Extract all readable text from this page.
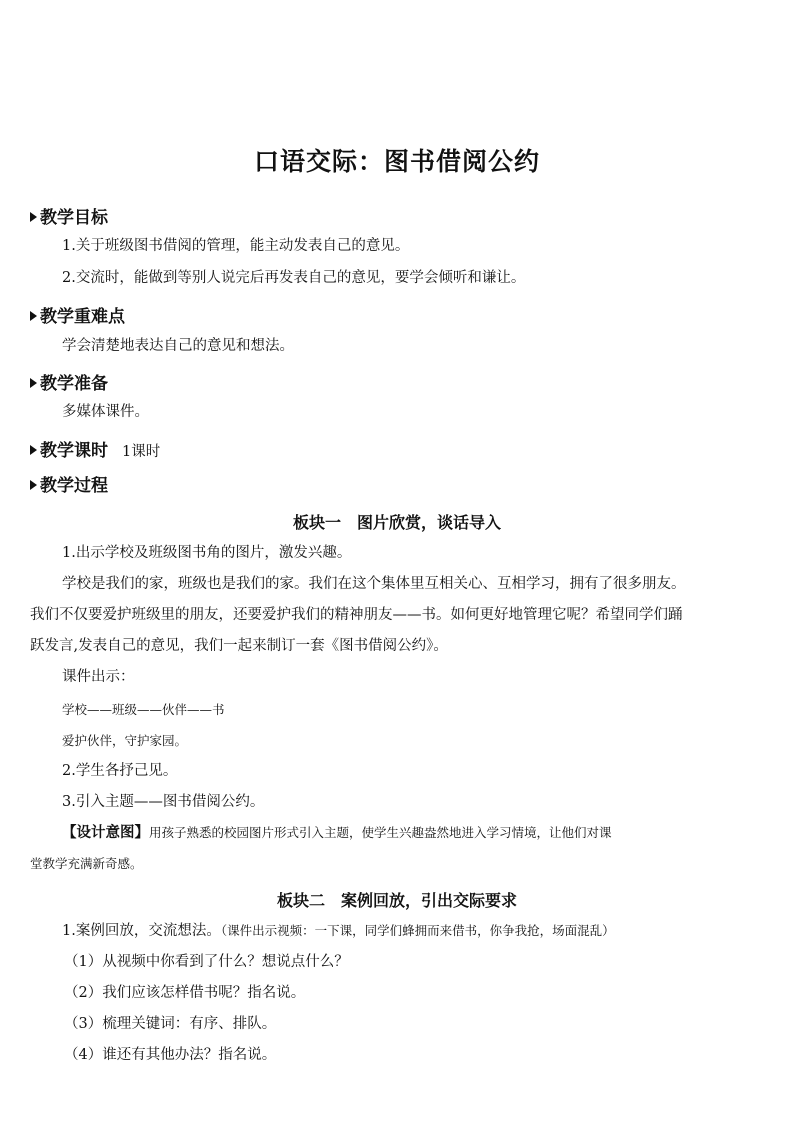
口语交际：图书借阅公约
教学目标
1.关于班级图书借阅的管理，能主动发表自己的意见。
2.交流时，能做到等别人说完后再发表自己的意见，要学会倾听和谦让。
教学重难点
学会清楚地表达自己的意见和想法。
教学准备
多媒体课件。
教学课时 1课时
教学过程
板块一　图片欣赏，谈话导入
1.出示学校及班级图书角的图片，激发兴趣。
学校是我们的家，班级也是我们的家。我们在这个集体里互相关心、互相学习，拥有了很多朋友。
我们不仅要爱护班级里的朋友，还要爱护我们的精神朋友——书。如何更好地管理它呢？希望同学们踊
跃发言,发表自己的意见，我们一起来制订一套《图书借阅公约》。
课件出示：
学校——班级——伙伴——书
爱护伙伴，守护家园。
2.学生各抒己见。
3.引入主题——图书借阅公约。
【设计意图】用孩子熟悉的校园图片形式引入主题，使学生兴趣盎然地进入学习情境，让他们对课
堂教学充满新奇感。
板块二　案例回放，引出交际要求
1.案例回放，交流想法。（课件出示视频：一下课，同学们蜂拥而来借书，你争我抢，场面混乱）
（1）从视频中你看到了什么？想说点什么？
（2）我们应该怎样借书呢？指名说。
（3）梳理关键词：有序、排队。
（4）谁还有其他办法？指名说。
